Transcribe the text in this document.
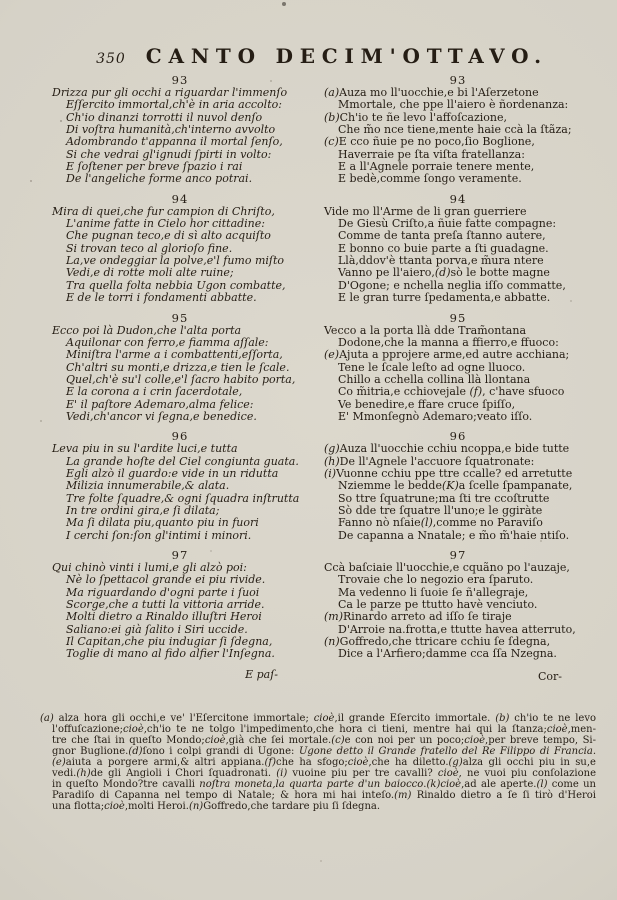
350 CANTO DECIM'OTTAVO.
93
Drizza pur gli occhi a riguardar l'immenſo
Eſſercito immortal,ch'è in aria accolto:
Ch'io dinanzi torrotti il nuvol denſo
Di voſtra humanità,ch'interno avvolto
Adombrando t'appanna il mortal ſenſo,
Si che vedrai gl'ignudi ſpirti in volto:
E ſoſtener per breve ſpazio i rai
De l'angeliche forme anco potrai.
94
Mira di quei,che fur campion di Chriſto,
L'anime fatte in Cielo hor cittadine:
Che pugnan teco,e di sì alto acquiſto
Si trovan teco al glorioſo fine.
La,ve ondeggiar la polve,e'l fumo miſto
Vedi,e di rotte moli alte ruine;
Tra quella folta nebbia Ugon combatte,
E de le torri i fondamenti abbatte.
95
Ecco poi là Dudon,che l'alta porta
Aquilonar con ferro,e fiamma aſſale:
Miniſtra l'arme a i combattenti,eſſorta,
Ch'altri su monti,e drizza,e tien le ſcale.
Quel,ch'è su'l colle,e'l ſacro habito porta,
E la corona a i crin ſacerdotale,
E' il paſtore Ademaro,alma felice:
Vedi,ch'ancor vi ſegna,e benedice.
96
Leva piu in su l'ardite luci,e tutta
La grande hoſte del Ciel congiunta guata.
Egli alzò il guardo:e vide in un ridutta
Milizia innumerabile,& alata.
Tre folte ſquadre,& ogni ſquadra inſtrutta
In tre ordini gira,e ſi dilata;
Ma ſi dilata piu,quanto piu in fuori
I cerchi ſon:ſon gl'intimi i minori.
97
Qui chinò vinti i lumi,e gli alzò poi:
Nè lo ſpettacol grande ei piu rivide.
Ma riguardando d'ogni parte i ſuoi
Scorge,che a tutti la vittoria arride.
Molti dietro a Rinaldo illuſtri Heroi
Saliano:ei già ſalito i Siri uccide.
Il Capitan,che piu indugiar ſi ſdegna,
Toglie di mano al fido alfier l'Inſegna.
E paſ-
93
(a)Auza mo ll'uocchie,e bi l'Aſerzetone
Mmortale, che ppe ll'aiero è ñordenanza:
(b)Ch'io te ñe levo l'affoſcazione,
Che m̃o nce tiene,mente haie ccà la ſtãza;
(c)E cco ñuie pe no poco,ſio Boglione,
Haverraie pe ſta viſta fratellanza:
E a ll'Agnele porraie tenere mente,
E bedè,comme ſongo veramente.
94
Vide mo ll'Arme de li gran guerriere
De Giesù Criſto,a ñuie fatte compagne:
Comme de tanta preſa ſtanno autere,
E bonno co buie parte a ſti guadagne.
Llà,ddov'è ttanta porva,e m̃ura ntere
Vanno pe ll'aiero,(d)sò le botte magne
D'Ogone; e nchella neglia iſſo commatte,
E le gran turre ſpedamenta,e abbatte.
95
Vecco a la porta llà dde Tram̃ontana
Dodone,che la manna a ffierro,e ffuoco:
(e)Ajuta a pprojere arme,ed autre acchiana;
Tene le ſcale leſto ad ogne lluoco.
Chillo a cchella collina llà llontana
Co m̃itria,e cchiovejale (f), c'have sfuoco
Ve benedire,e ffare cruce ſpiſſo,
E' Mmonſegnò Ademaro;veato iſſo.
96
(g)Auza ll'uocchie cchiu ncoppa,e bide tutte
(h)De ll'Agnele l'accuore ſquatronate:
(i)Vuonne cchiu ppe ttre ccalle? ed arretutte
Nziemme le bedde(K)a ſcelle ſpampanate,
So ttre ſquatrune;ma ſti tre ccoſtrutte
Sò dde tre ſquatre ll'uno;e le ggiràte
Fanno nò nſaie(l),comme no Paraviſo
De capanna a Nnatale; e m̃o m̃'haie ntiſo.
97
Ccà baſciaie ll'uocchie,e cquãno po l'auzaje,
Trovaie che lo negozio era ſparuto.
Ma vedenno li ſuoie ſe ñ'allegraje,
Ca le parze pe ttutto havè venciuto.
(m)Rinardo arreto ad iſſo ſe tiraje
D'Arroie na.frotta,e ttutte havea atterruto,
(n)Goffredo,che ttricare cchiu ſe ſdegna,
Dice a l'Arfiero;damme cca ſſa Nzegna.
Cor-
(a) alza hora gli occhi,e ve' l'Eſercitone immortale; cioè,il grande Eſercito immortale. (b) ch'io te ne levo
l'offuſcazione;cioè,ch'io te ne tolgo l'impedimento,che hora ci tieni, mentre hai qui la ſtanza;cioè,men-
tre che ſtai in queſto Mondo;cioè,già che ſei mortale.(c)e con noi per un poco;cioè,per breve tempo, Si-
gnor Buglione.(d)ſono i colpi grandi di Ugone: Ugone detto il Grande fratello del Re Filippo di Francia.
(e)aiuta a porgere armi,& altri appiana.(f)che ha sfogo;cioè,che ha diletto.(g)alza gli occhi piu in su,e
vedi.(h)de gli Angioli i Chori ſquadronati. (i) vuoine piu per tre cavalli? cioè, ne vuoi piu conſolazione
in queſto Mondo?tre cavalli noſtra moneta,la quarta parte d'un baiocco.(k)cioè,ad ale aperte.(l) come un
Paradiſo di Capanna nel tempo di Natale; & hora mi hai inteſo.(m) Rinaldo dietro a ſe ſi tirò d'Heroi
una flotta;cioè,molti Heroi.(n)Goffredo,che tardare piu ſi ſdegna.
